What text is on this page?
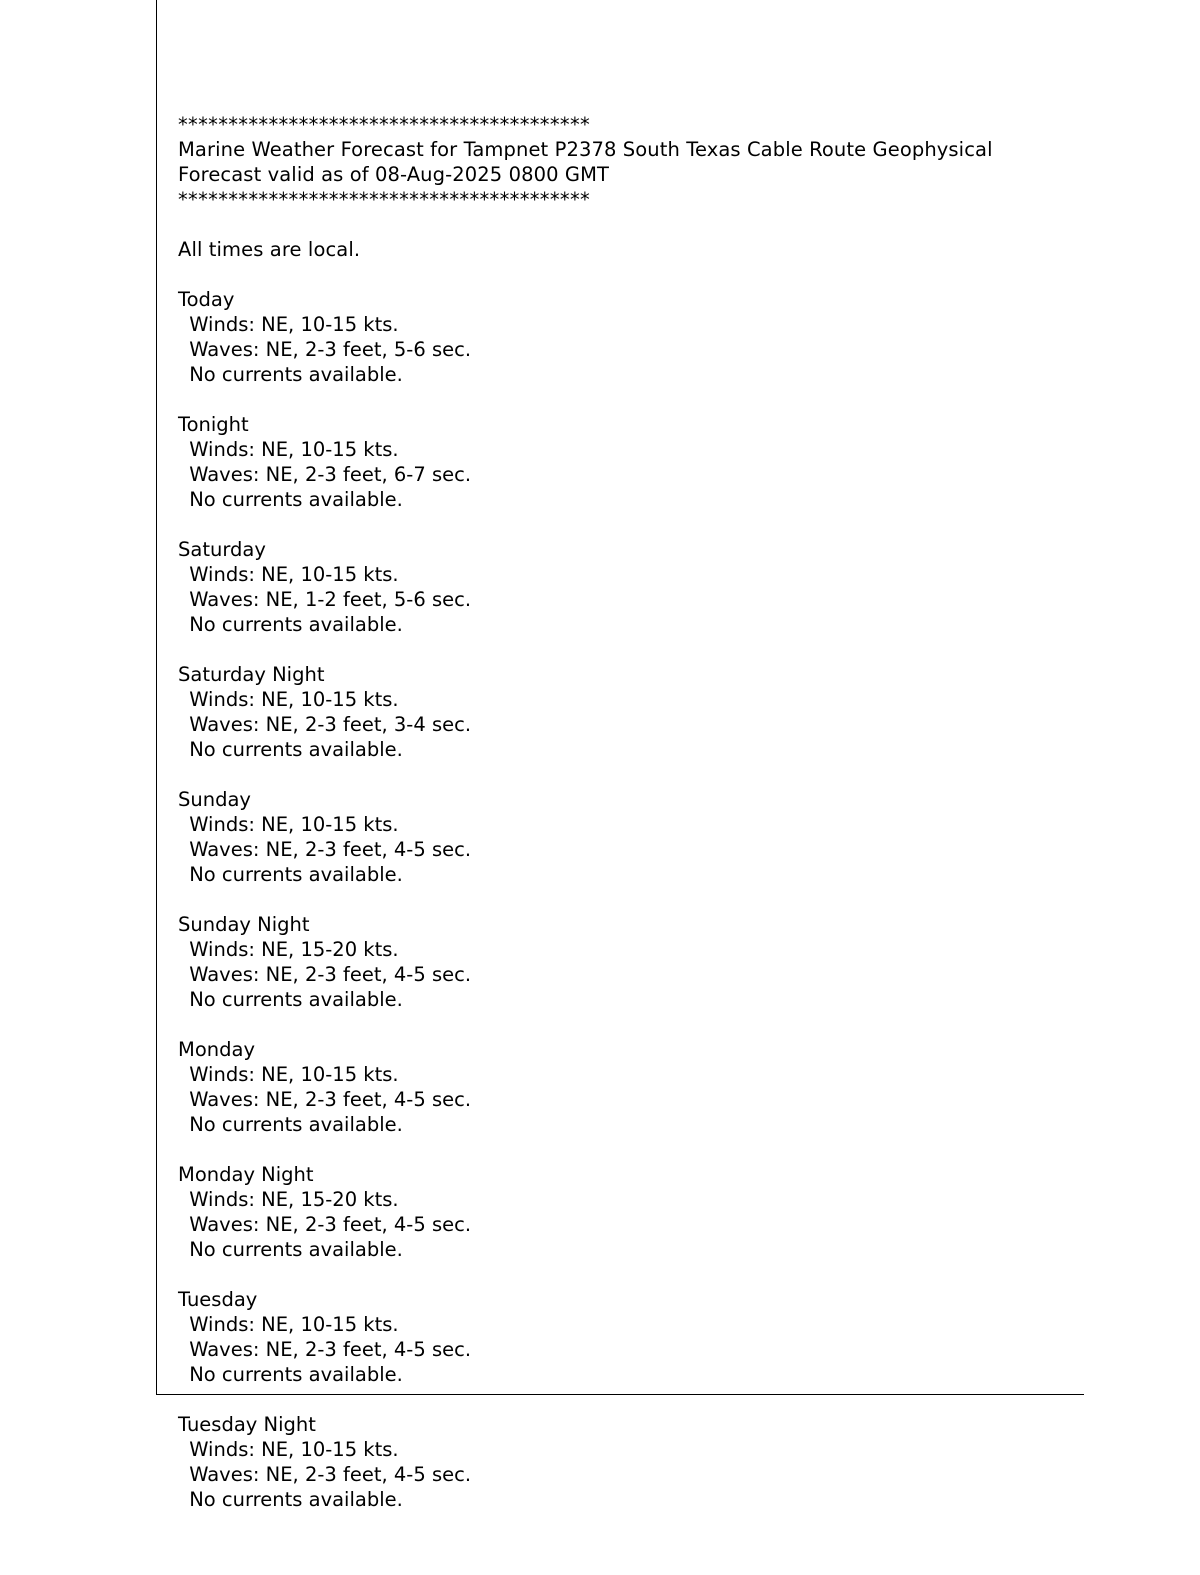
*****************************************
Marine Weather Forecast for Tampnet P2378 South Texas Cable Route Geophysical
Forecast valid as of 08-Aug-2025 0800 GMT
*****************************************
All times are local.
Today
Winds: NE, 10-15 kts.
Waves: NE, 2-3 feet, 5-6 sec.
No currents available.
Tonight
Winds: NE, 10-15 kts.
Waves: NE, 2-3 feet, 6-7 sec.
No currents available.
Saturday
Winds: NE, 10-15 kts.
Waves: NE, 1-2 feet, 5-6 sec.
No currents available.
Saturday Night
Winds: NE, 10-15 kts.
Waves: NE, 2-3 feet, 3-4 sec.
No currents available.
Sunday
Winds: NE, 10-15 kts.
Waves: NE, 2-3 feet, 4-5 sec.
No currents available.
Sunday Night
Winds: NE, 15-20 kts.
Waves: NE, 2-3 feet, 4-5 sec.
No currents available.
Monday
Winds: NE, 10-15 kts.
Waves: NE, 2-3 feet, 4-5 sec.
No currents available.
Monday Night
Winds: NE, 15-20 kts.
Waves: NE, 2-3 feet, 4-5 sec.
No currents available.
Tuesday
Winds: NE, 10-15 kts.
Waves: NE, 2-3 feet, 4-5 sec.
No currents available.
Tuesday Night
Winds: NE, 10-15 kts.
Waves: NE, 2-3 feet, 4-5 sec.
No currents available.
